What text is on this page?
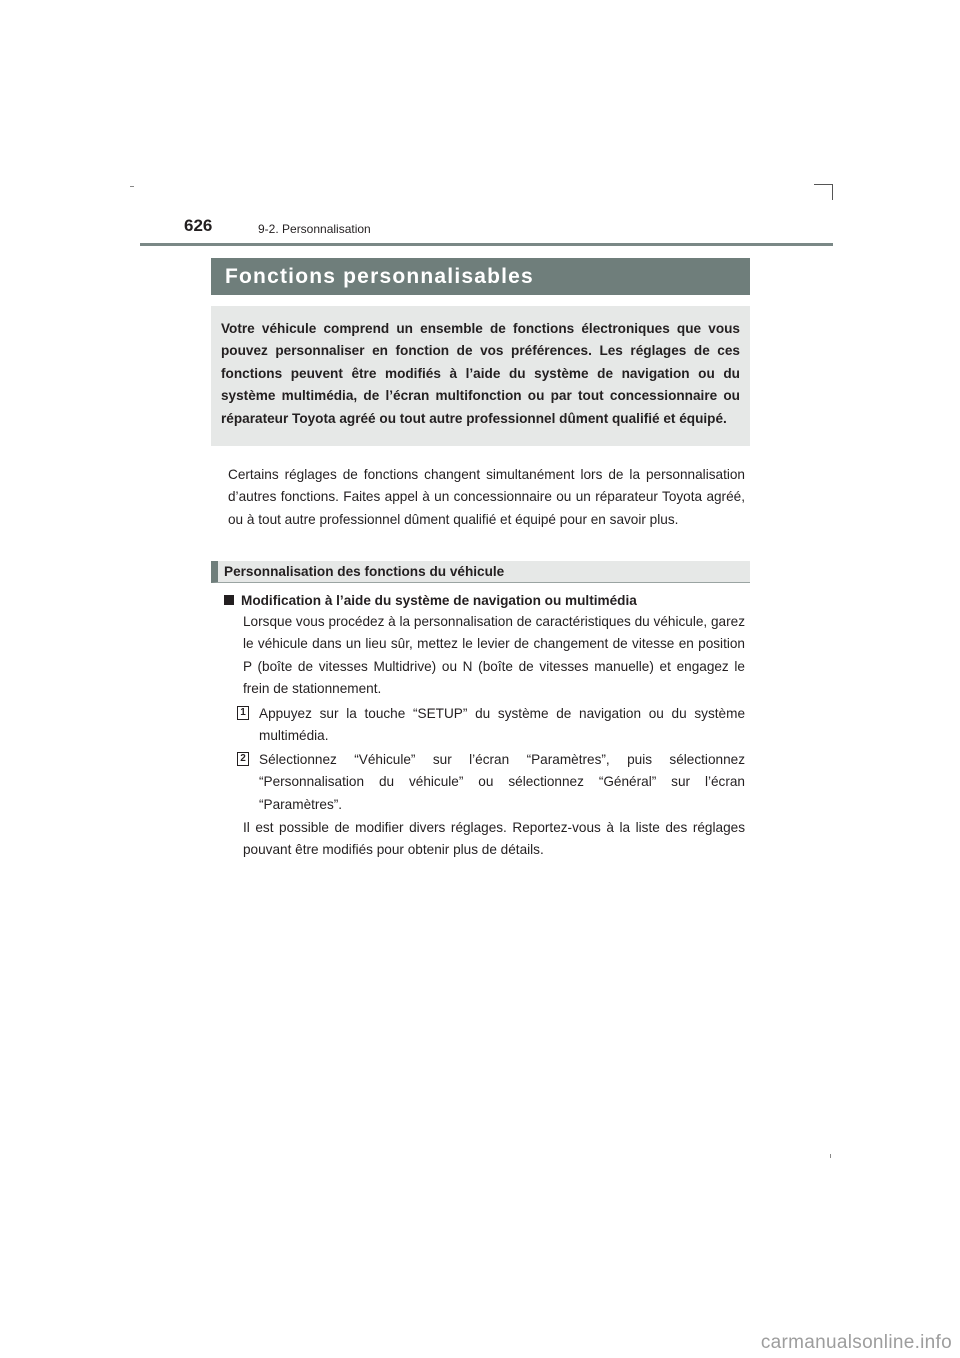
626	9-2. Personnalisation
Fonctions personnalisables

Votre véhicule comprend un ensemble de fonctions électroniques que vous pouvez personnaliser en fonction de vos préférences. Les réglages de ces fonctions peuvent être modifiés à l’aide du système de navigation ou du système multimédia, de l’écran multifonction ou par tout concessionnaire ou réparateur Toyota agréé ou tout autre professionnel dûment qualifié et équipé.

Certains réglages de fonctions changent simultanément lors de la personnalisation d’autres fonctions. Faites appel à un concessionnaire ou un réparateur Toyota agréé, ou à tout autre professionnel dûment qualifié et équipé pour en savoir plus.

Personnalisation des fonctions du véhicule
Modification à l’aide du système de navigation ou multimédia

Lorsque vous procédez à la personnalisation de caractéristiques du véhicule, garez le véhicule dans un lieu sûr, mettez le levier de changement de vitesse en position P (boîte de vitesses Multidrive) ou N (boîte de vitesses manuelle) et engagez le frein de stationnement.

1 Appuyez sur la touche “SETUP” du système de navigation ou du système multimédia.

2 Sélectionnez “Véhicule” sur l’écran “Paramètres”, puis sélectionnez “Personnalisation du véhicule” ou sélectionnez “Général” sur l’écran “Paramètres”.

Il est possible de modifier divers réglages. Reportez-vous à la liste des réglages pouvant être modifiés pour obtenir plus de détails.

carmanualsonline.info
